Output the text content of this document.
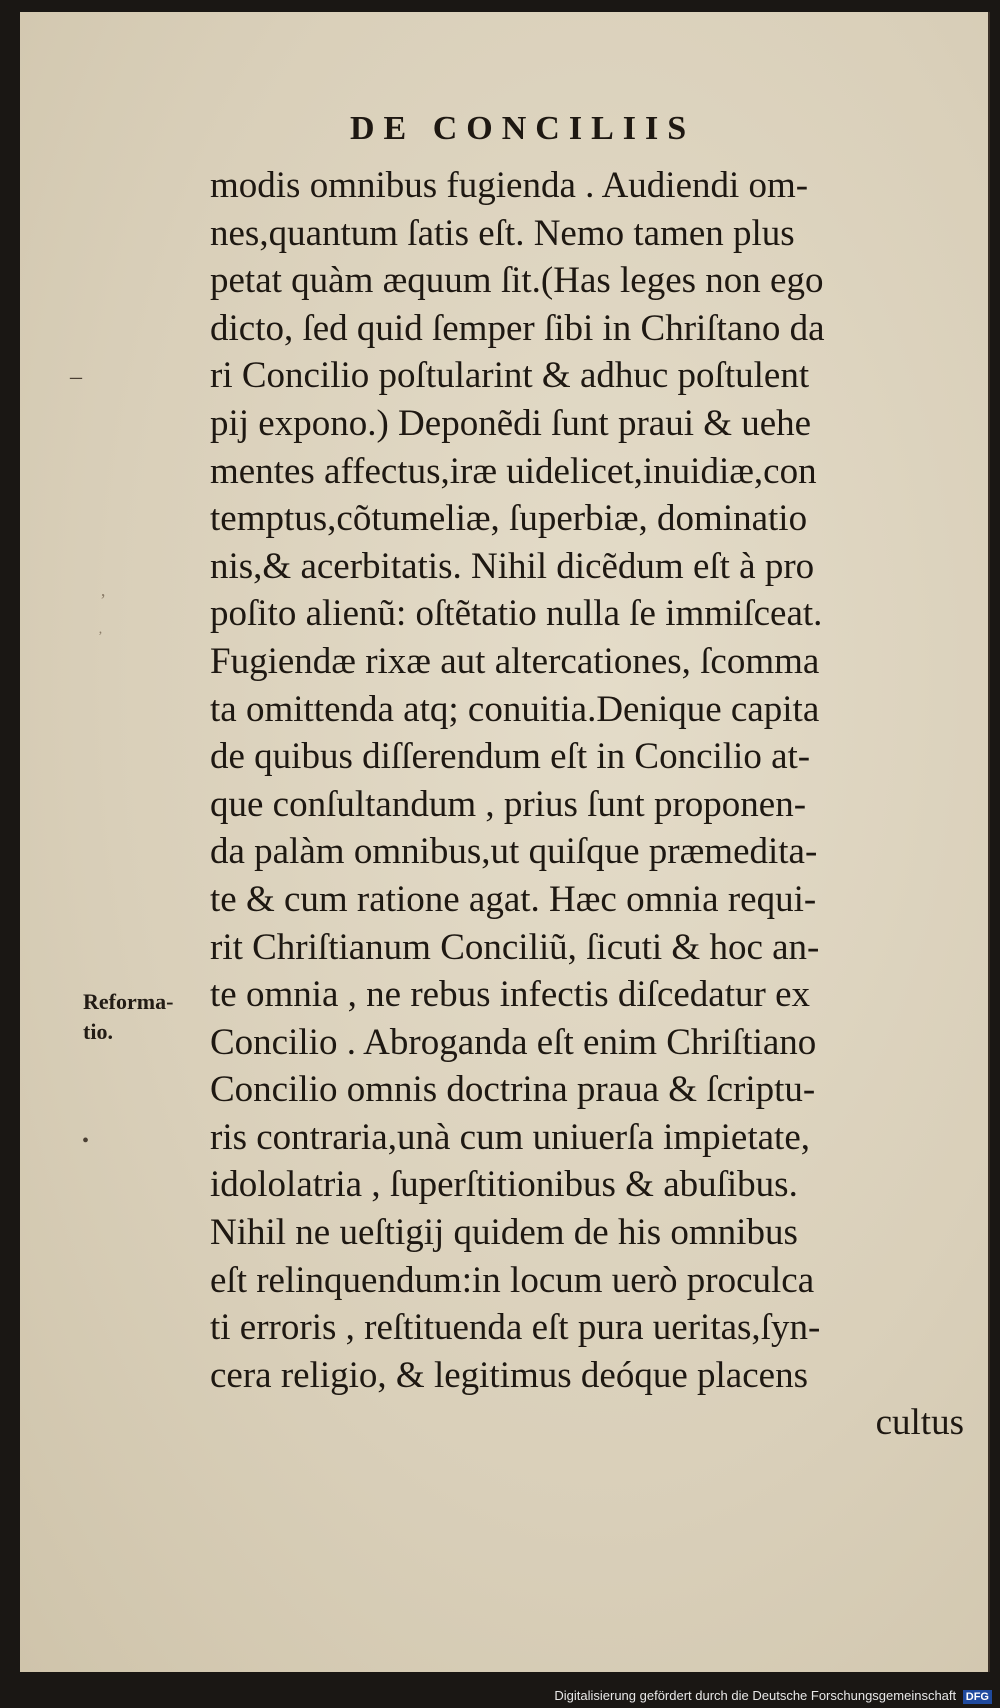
DE CONCILIIS
modis omnibus fugienda . Audiendi om‑
nes,quantum ſatis eſt. Nemo tamen plus
petat quàm æquum ſit.(Has leges non ego
dicto, ſed quid ſemper ſibi in Chriſtano da
ri Concilio poſtularint & adhuc poſtulent
pij expono.) Deponẽdi ſunt praui & uehe
mentes affectus,iræ uidelicet,inuidiæ,con
temptus,cõtumeliæ, ſuperbiæ, dominatio
nis,& acerbitatis. Nihil dicẽdum eſt à pro
poſito alienũ: oſtẽtatio nulla ſe immiſceat.
Fugiendæ rixæ aut altercationes, ſcomma
ta omittenda atq; conuitia.Denique capita
de quibus diſſerendum eſt in Concilio at‑
que conſultandum , prius ſunt proponen‑
da palàm omnibus,ut quiſque præmedita-
te & cum ratione agat. Hæc omnia requi‑
rit Chriſtianum Conciliũ, ſicuti & hoc an-
te omnia , ne rebus infectis diſcedatur ex
Concilio . Abroganda eſt enim Chriſtiano
Concilio omnis doctrina praua & ſcriptu‑
ris contraria,unà cum uniuerſa impietate,
idololatria , ſuperſtitionibus & abuſibus.
Nihil ne ueſtigij quidem de his omnibus
eſt relinquendum:in locum uerò proculca
ti erroris , reſtituenda eſt pura ueritas,ſyn‑
cera religio, & legitimus deóque placens
cultus
Reforma-
tio.
–
’
‚
•
Digitalisierung gefördert durch die Deutsche Forschungsgemeinschaft DFG
